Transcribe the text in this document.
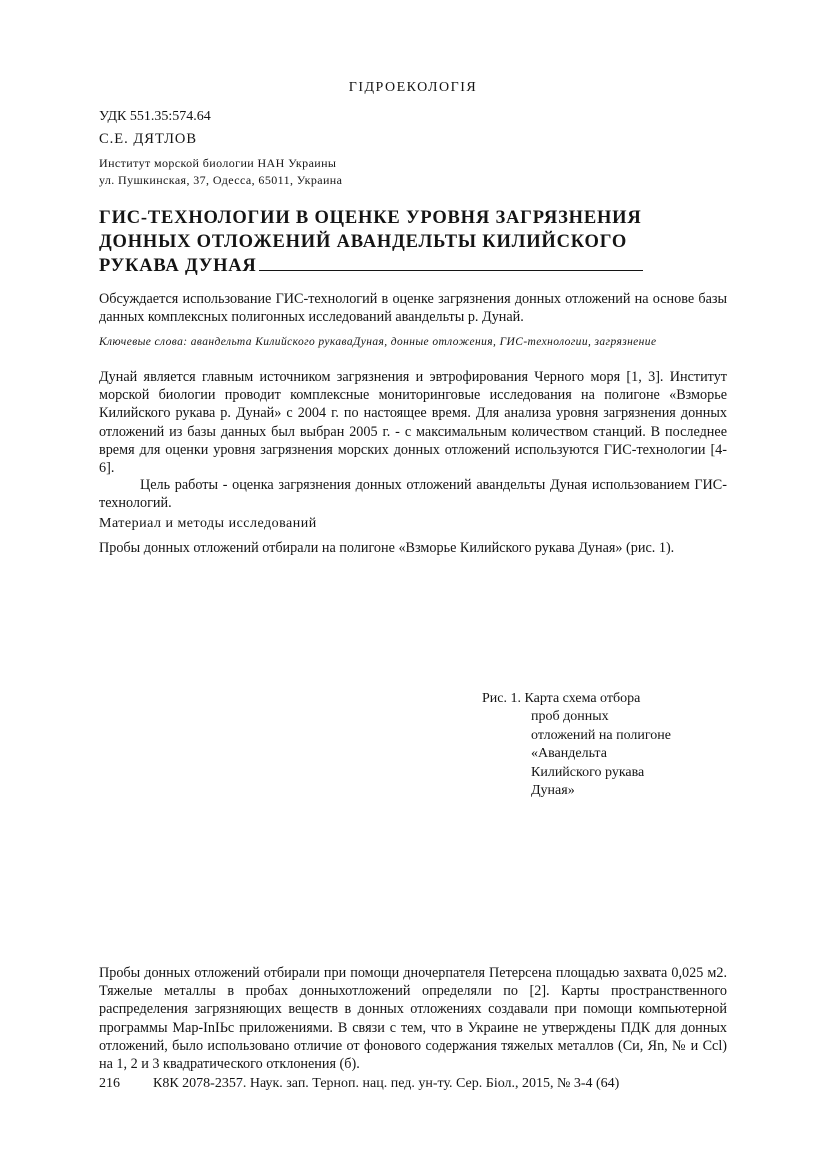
ГІДРОЕКОЛОГІЯ
УДК 551.35:574.64
С.Е. ДЯТЛОВ
Институт морской биологии НАН Украины
ул. Пушкинская, 37, Одесса, 65011, Украина
ГИС-ТЕХНОЛОГИИ В ОЦЕНКЕ УРОВНЯ ЗАГРЯЗНЕНИЯ
ДОННЫХ ОТЛОЖЕНИЙ АВАНДЕЛЬТЫ КИЛИЙСКОГО
РУКАВА ДУНАЯ
Обсуждается использование ГИС-технологий в оценке загрязнения донных отложений на основе базы данных комплексных полигонных исследований авандельты р. Дунай.
Ключевые слова: авандельта Килийского рукаваДуная, донные отложения, ГИС-технологии, загрязнение
Дунай является главным источником загрязнения и эвтрофирования Черного моря [1, 3]. Институт морской биологии проводит комплексные мониторинговые исследования на полигоне «Взморье Килийского рукава р. Дунай» с 2004 г. по настоящее время. Для анализа уровня загрязнения донных отложений из базы данных был выбран 2005 г. - с максимальным количеством станций. В последнее время для оценки уровня загрязнения морских донных отложений используются ГИС-технологии [4-6].
Цель работы - оценка загрязнения донных отложений авандельты Дуная использованием ГИС-технологий.
Материал и методы исследований
Пробы донных отложений отбирали на полигоне «Взморье Килийского рукава Дуная» (рис. 1).
Рис. 1. Карта схема отбора
проб донных
отложений на полигоне
«Авандельта
Килийского рукава
Дуная»
Пробы донных отложений отбирали при помощи дночерпателя Петерсена площадью захвата 0,025 м2. Тяжелые металлы в пробах донныхотложений определяли по [2]. Карты пространственного распределения загрязняющих веществ в донных отложениях создавали при помощи компьютерной программы Map-InIЬс приложениями. В связи с тем, что в Украине не утверждены ПДК для донных отложений, было использовано отличие от фонового содержания тяжелых металлов (Си, Яn, № и Сcl) на 1, 2 и 3 квадратического отклонения (б).
216 К8К 2078-2357. Наук. зап. Терноп. нац. пед. ун-ту. Сер. Біол., 2015, № 3-4 (64)
